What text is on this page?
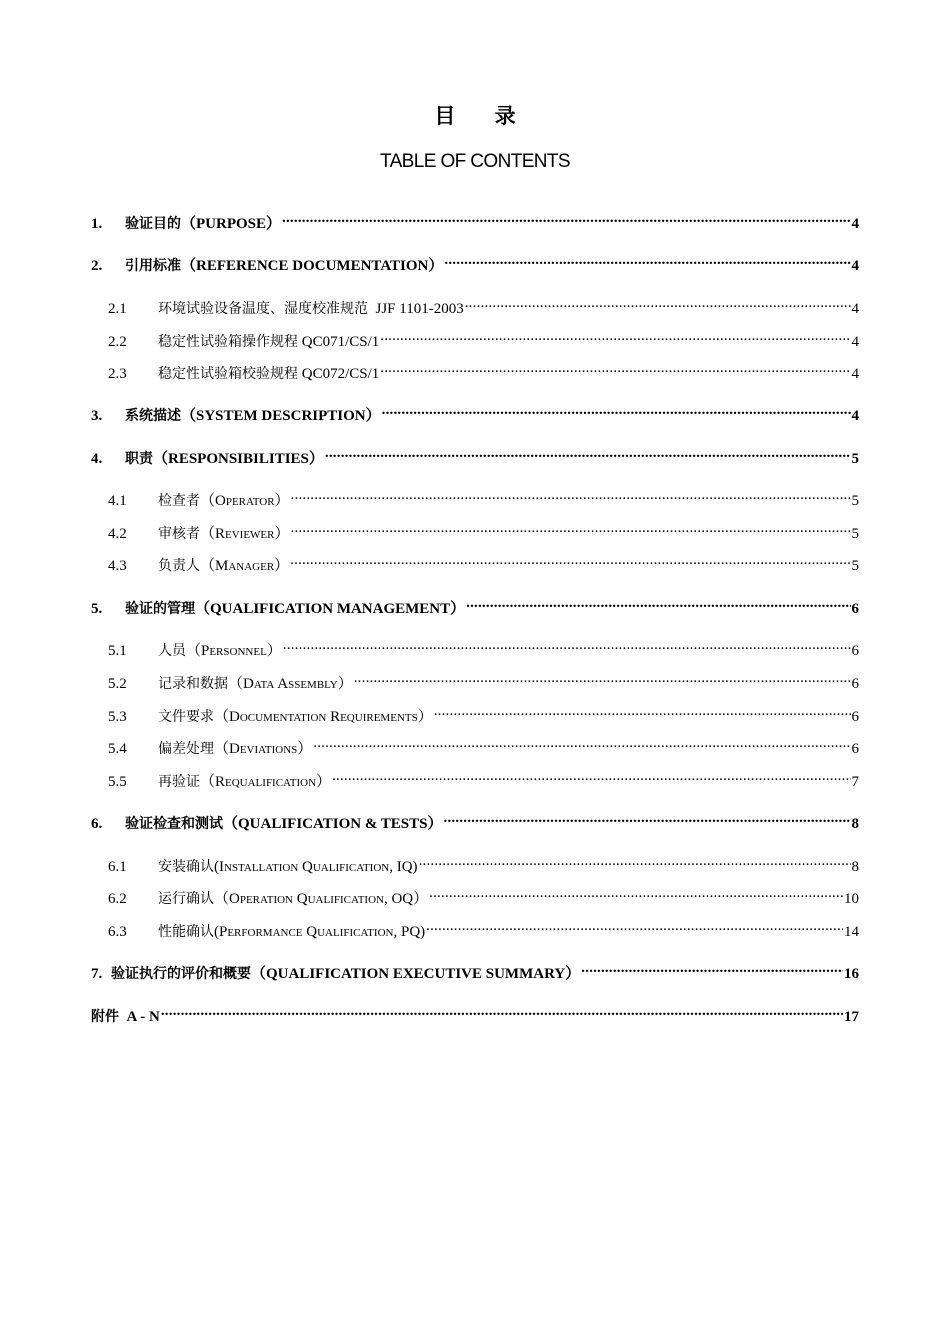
目 录
TABLE OF CONTENTS
1.	验证目的（PURPOSE） .....	4
2.	引用标准（REFERENCE DOCUMENTATION） .....	4
2.1	环境试验设备温度、湿度校准规范  JJF 1101-2003 .....	4
2.2	稳定性试验箱操作规程 QC071/CS/1 .....	4
2.3	稳定性试验箱校验规程 QC072/CS/1 .....	4
3.	系统描述（SYSTEM DESCRIPTION） .....	4
4.	职责（RESPONSIBILITIES） .....	5
4.1	检查者（Operator） .....	5
4.2	审核者（Reviewer） .....	5
4.3	负责人（Manager） .....	5
5.	验证的管理（QUALIFICATION MANAGEMENT） .....	6
5.1	人员（Personnel） .....	6
5.2	记录和数据（Data Assembly） .....	6
5.3	文件要求（Documentation Requirements） .....	6
5.4	偏差处理（Deviations） .....	6
5.5	再验证（Requalification） .....	7
6.	验证检查和测试（QUALIFICATION & TESTS） .....	8
6.1	安装确认(Installation Qualification, IQ) .....	8
6.2	运行确认（Operation Qualification, OQ） .....	10
6.3	性能确认(Performance Qualification, PQ) .....	14
7. 验证执行的评价和概要（QUALIFICATION EXECUTIVE SUMMARY） .....	16
附件  A - N .....	17
